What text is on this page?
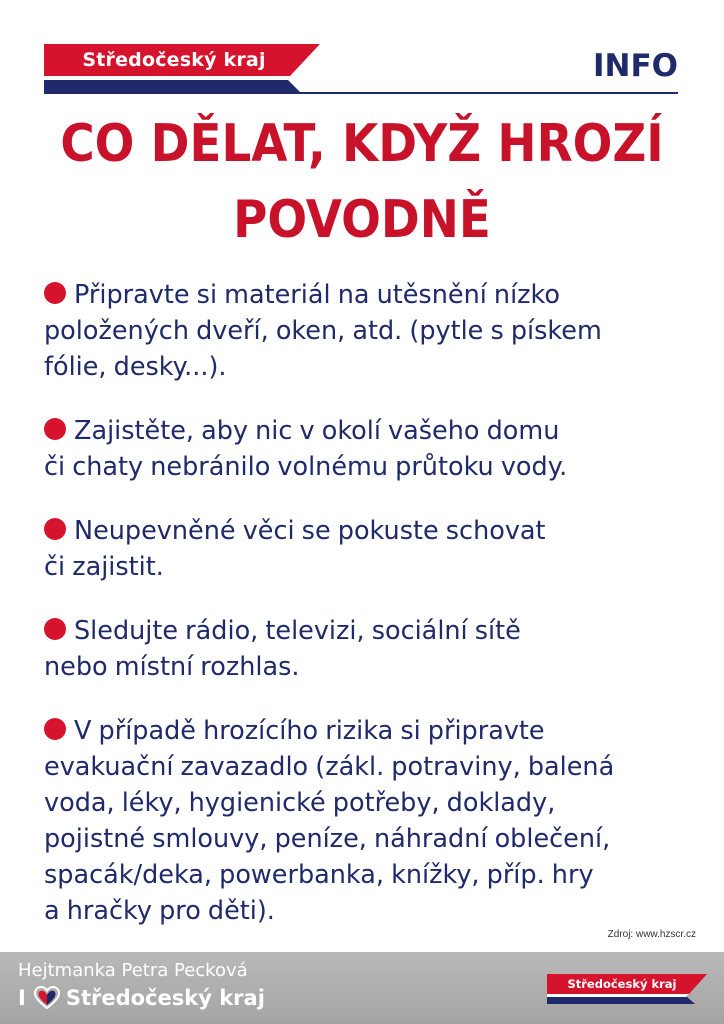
Středočeský kraj	INFO
CO DĚLAT, KDYŽ HROZÍ
POVODNĚ
Připravte si materiál na utěsnění nízko
položených dveří, oken, atd. (pytle s pískem
fólie, desky...).
Zajistěte, aby nic v okolí vašeho domu
či chaty nebránilo volnému průtoku vody.
Neupevněné věci se pokuste schovat
či zajistit.
Sledujte rádio, televizi, sociální sítě
nebo místní rozhlas.
V případě hrozícího rizika si připravte
evakuační zavazadlo (zákl. potraviny, balená
voda, léky, hygienické potřeby, doklady,
pojistné smlouvy, peníze, náhradní oblečení,
spacák/deka, powerbanka, knížky, příp. hry
a hračky pro děti).
Zdroj: www.hzscr.cz
Hejtmanka Petra Pecková
I Středočeský kraj
Středočeský kraj
